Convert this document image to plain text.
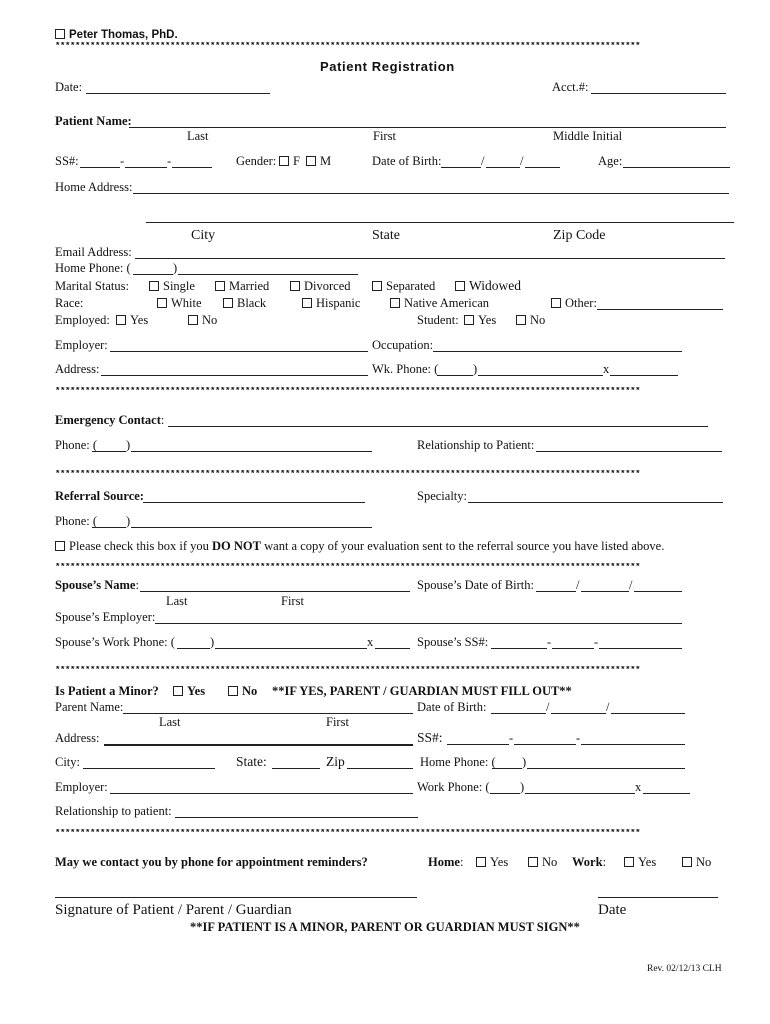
Peter Thomas, PhD.
*********************************************************************************************************************
Patient Registration
Date:	Acct.#:
Patient Name:
Last	First	Middle Initial
SS#:	-	-	Gender:	F	M	Date of Birth:	/	/	Age:
Home Address:
City	State	Zip Code
Email Address:
Home Phone: (	)
Marital Status:	Single	Married	Divorced	Separated	Widowed
Race:	White	Black	Hispanic	Native American	Other:
Employed:	Yes	No	Student:	Yes	No
Employer:	Occupation:
Address:	Wk. Phone: (	)	x
*********************************************************************************************************************
Emergency Contact:
Phone: ( )	Relationship to Patient:
*********************************************************************************************************************
Referral Source:	Specialty:
Phone: ( )
Please check this box if you DO NOT want a copy of your evaluation sent to the referral source you have listed above.
*********************************************************************************************************************
Spouse’s Name:	Spouse’s Date of Birth:	/	/
Last	First
Spouse’s Employer:
Spouse’s Work Phone: (	)	x	Spouse’s SS#:	-	-
*********************************************************************************************************************
Is Patient a Minor?	Yes	No **IF YES, PARENT / GUARDIAN MUST FILL OUT**
Parent Name:	Date of Birth:	/	/
Last	First
Address:	SS#:	-	-
City:	State:	Zip	Home Phone: ( )
Employer:	Work Phone: ( )	x
Relationship to patient:
*********************************************************************************************************************
May we contact you by phone for appointment reminders?	Home:	Yes	No Work:	Yes	No
Signature of Patient / Parent / Guardian	Date
**IF PATIENT IS A MINOR, PARENT OR GUARDIAN MUST SIGN**
Rev. 02/12/13 CLH
